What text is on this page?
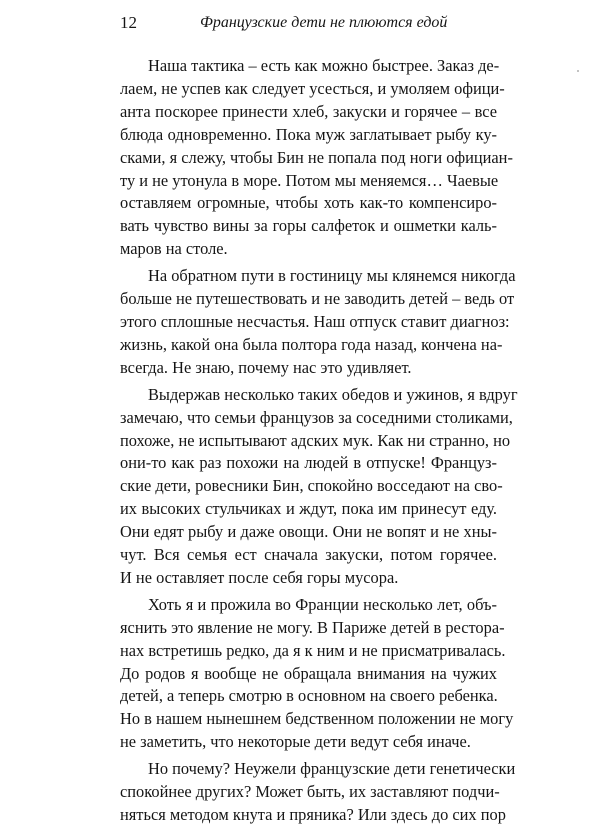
12	Французские дети не плюются едой

Наша тактика – есть как можно быстрее. Заказ де-
лаем, не успев как следует усесться, и умоляем офици-
анта поскорее принести хлеб, закуски и горячее – все
блюда одновременно. Пока муж заглатывает рыбу ку-
сками, я слежу, чтобы Бин не попала под ноги официан-
ту и не утонула в море. Потом мы меняемся… Чаевые
оставляем огромные, чтобы хоть как-то компенсиро-
вать чувство вины за горы салфеток и ошметки каль-
маров на столе.

На обратном пути в гостиницу мы клянемся никогда
больше не путешествовать и не заводить детей – ведь от
этого сплошные несчастья. Наш отпуск ставит диагноз:
жизнь, какой она была полтора года назад, кончена на-
всегда. Не знаю, почему нас это удивляет.

Выдержав несколько таких обедов и ужинов, я вдруг
замечаю, что семьи французов за соседними столиками,
похоже, не испытывают адских мук. Как ни странно, но
они-то как раз похожи на людей в отпуске! Француз-
ские дети, ровесники Бин, спокойно восседают на сво-
их высоких стульчиках и ждут, пока им принесут еду.
Они едят рыбу и даже овощи. Они не вопят и не хны-
чут. Вся семья ест сначала закуски, потом горячее.
И не оставляет после себя горы мусора.

Хоть я и прожила во Франции несколько лет, объ-
яснить это явление не могу. В Париже детей в рестора-
нах встретишь редко, да я к ним и не присматривалась.
До родов я вообще не обращала внимания на чужих
детей, а теперь смотрю в основном на своего ребенка.
Но в нашем нынешнем бедственном положении не могу
не заметить, что некоторые дети ведут себя иначе.

Но почему? Неужели французские дети генетически
спокойнее других? Может быть, их заставляют подчи-
няться методом кнута и пряника? Или здесь до сих пор
